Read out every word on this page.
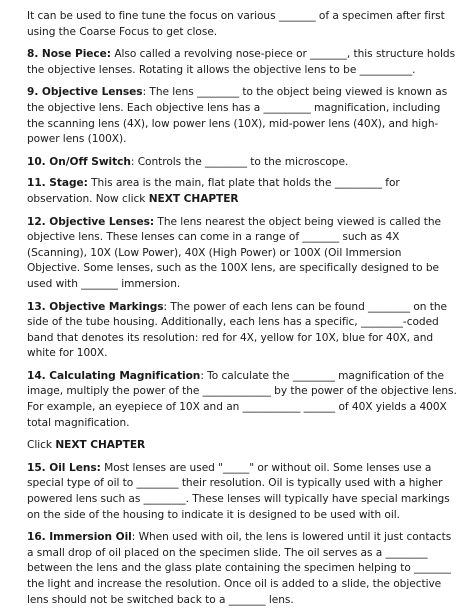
It can be used to fine tune the focus on various _______ of a specimen after first using the Coarse Focus to get close.

8. Nose Piece: Also called a revolving nose-piece or _______, this structure holds the objective lenses. Rotating it allows the objective lens to be __________.

9. Objective Lenses: The lens ________ to the object being viewed is known as the objective lens. Each objective lens has a _________ magnification, including the scanning lens (4X), low power lens (10X), mid-power lens (40X), and high-power lens (100X).

10. On/Off Switch: Controls the ________ to the microscope.

11. Stage: This area is the main, flat plate that holds the _________ for observation. Now click NEXT CHAPTER

12. Objective Lenses: The lens nearest the object being viewed is called the objective lens. These lenses can come in a range of _______ such as 4X (Scanning), 10X (Low Power), 40X (High Power) or 100X (Oil Immersion Objective. Some lenses, such as the 100X lens, are specifically designed to be used with _______ immersion.

13. Objective Markings: The power of each lens can be found ________ on the side of the tube housing. Additionally, each lens has a specific, ________-coded band that denotes its resolution: red for 4X, yellow for 10X, blue for 40X, and white for 100X.

14. Calculating Magnification: To calculate the ________ magnification of the image, multiply the power of the _____________ by the power of the objective lens. For example, an eyepiece of 10X and an ___________ ______ of 40X yields a 400X total magnification.

Click NEXT CHAPTER

15. Oil Lens: Most lenses are used "_____" or without oil. Some lenses use a special type of oil to ________ their resolution. Oil is typically used with a higher powered lens such as ________. These lenses will typically have special markings on the side of the housing to indicate it is designed to be used with oil.

16. Immersion Oil: When used with oil, the lens is lowered until it just contacts a small drop of oil placed on the specimen slide. The oil serves as a ________ between the lens and the glass plate containing the specimen helping to _______ the light and increase the resolution. Once oil is added to a slide, the objective lens should not be switched back to a _______ lens.
